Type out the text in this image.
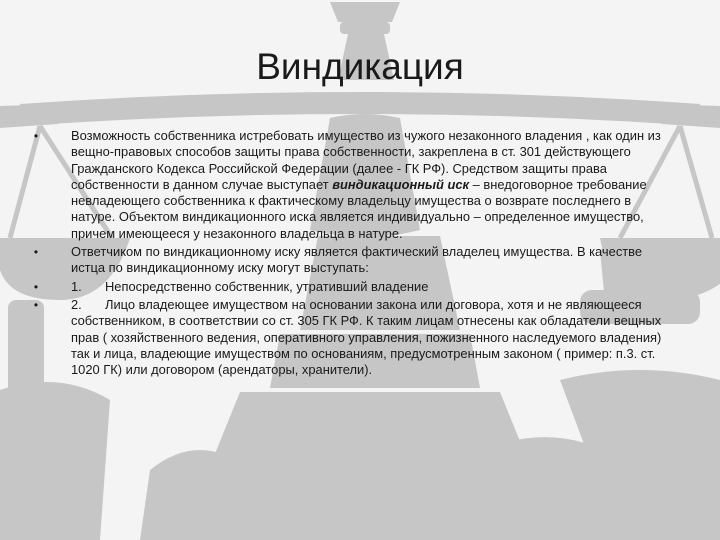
Виндикация
•	Возможность собственника истребовать имущество из чужого незаконного владения , как один из вещно-правовых способов защиты права собственности, закреплена в ст. 301 действующего Гражданского Кодекса Российской Федерации (далее - ГК РФ). Средством защиты права собственности в данном случае выступает виндикационный иск – внедоговорное требование невладеющего собственника к фактическому владельцу имущества о возврате последнего в натуре. Объектом виндикационного иска является индивидуально – определенное имущество, причем имеющееся у незаконного владельца в натуре.
•	Ответчиком по виндикационному иску является фактический владелец имущества. В качестве истца по виндикационному иску могут выступать:
•	1. Непосредственно собственник, утративший владение
•	2. Лицо владеющее имуществом на основании закона или договора, хотя и не являющееся собственником, в соответствии со ст. 305 ГК РФ. К таким лицам отнесены как обладатели вещных прав ( хозяйственного ведения, оперативного управления, пожизненного наследуемого владения) так и лица, владеющие имуществом по основаниям, предусмотренным законом ( пример: п.3. ст. 1020 ГК) или договором (арендаторы, хранители).
